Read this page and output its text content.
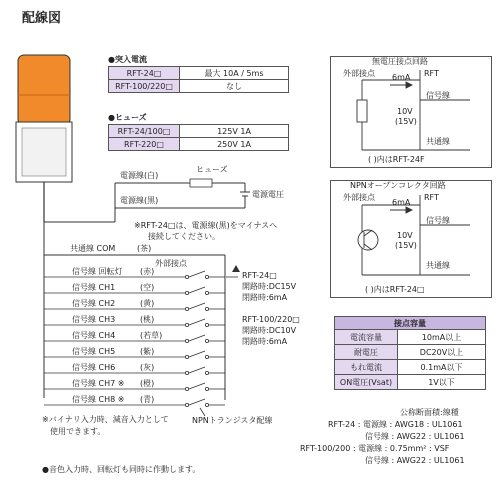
配線図
●突入電流
RFT-24□	最大 10A / 5ms
RFT-100/220□	なし
●ヒューズ
RFT-24/100□	125V 1A
RFT-220□	250V 1A
ヒューズ
電源線(白)
電源線(黒)
電源電圧
※RFT-24□は、電源線(黒)をマイナスへ
接続してください。
無電圧接点回路
外部接点 6mA RFT
信号線
10V
(15V)
共通線
( )内はRFT-24F
NPNオープンコレクタ回路
外部接点
6mA
RFT
信号線
10V
(15V)
共通線
( )内はRFT-24□
共通線 COM	(茶)
信号線 回転灯 (赤)
信号線 CH1	(空)
信号線 CH2	(黄)
信号線 CH3	(桃)
信号線 CH4	(若草)
信号線 CH5	(紫)
信号線 CH6	(灰)
信号線 CH7 ※ (橙)
信号線 CH8 ※ (青)
外部接点
RFT-24□
開路時:DC15V
閉路時:6mA
RFT-100/220□
開路時:DC10V
閉路時:6mA
NPNトランジスタ配線
※バイナリ入力時、減音入力として
使用できます。
●音色入力時、回転灯も同時に作動します。
接点容量
電流容量	10mA以上
耐電圧	DC20V以上
もれ電流	0.1mA以下
ON電圧(Vsat)	1V以下
公称断面積:線種
RFT-24 : 電源線 : AWG18 : UL1061
信号線 : AWG22 : UL1061
RFT-100/200 : 電源線 : 0.75mm² : VSF
信号線 : AWG22 : UL1061
